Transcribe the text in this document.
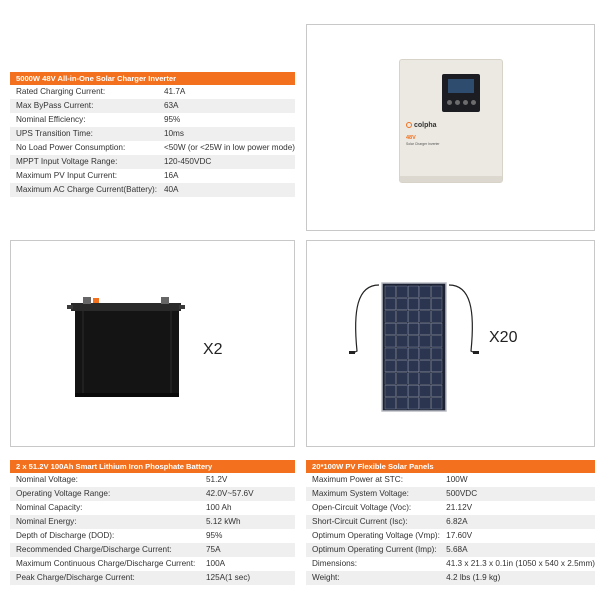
5000W 48V All-in-One Solar Charger Inverter
Rated Charging Current:	41.7A
Max ByPass Current:	63A
Nominal Efficiency:	95%
UPS Transition Time:	10ms
No Load Power Consumption:	<50W (or <25W in low power mode)
MPPT Input Voltage Range:	120-450VDC
Maximum PV Input Current:	16A
Maximum AC Charge Current(Battery):	40A
colpha
48V
Solar Charger Inverter
X2
X20
2 x 51.2V 100Ah Smart Lithium Iron Phosphate Battery
Nominal Voltage:	51.2V
Operating Voltage Range:	42.0V~57.6V
Nominal Capacity:	100 Ah
Nominal Energy:	5.12 kWh
Depth of Discharge (DOD):	95%
Recommended Charge/Discharge Current:	75A
Maximum Continuous Charge/Discharge Current:	100A
Peak Charge/Discharge Current:	125A(1 sec)
20*100W PV Flexible Solar Panels
Maximum Power at STC:	100W
Maximum System Voltage:	500VDC
Open-Circuit Voltage (Voc):	21.12V
Short-Circuit Current (Isc):	6.82A
Optimum Operating Voltage (Vmp):	17.60V
Optimum Operating Current (Imp):	5.68A
Dimensions:	41.3 x 21.3 x 0.1in (1050 x 540 x 2.5mm)
Weight:	4.2 lbs (1.9 kg)
